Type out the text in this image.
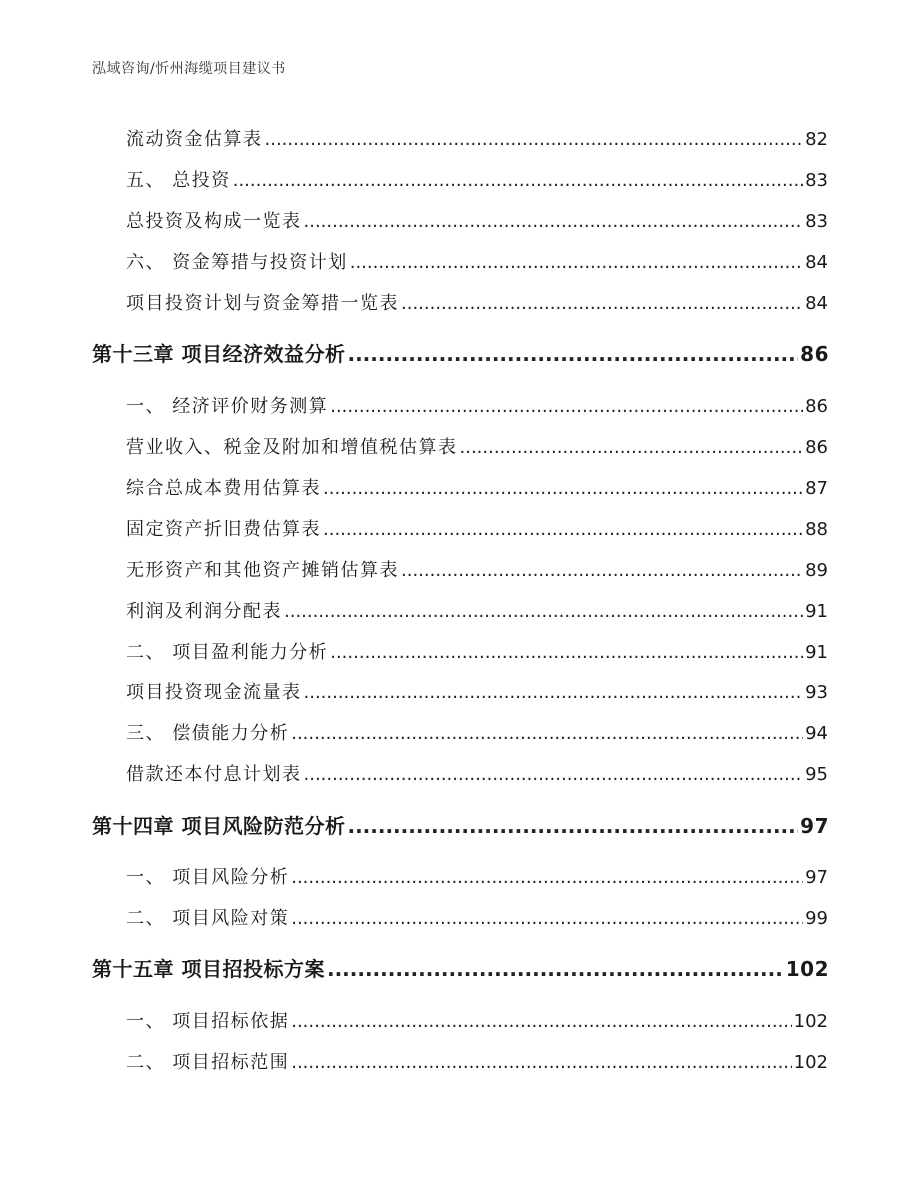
泓域咨询/忻州海缆项目建议书
流动资金估算表 .....	82
五、 总投资 .....	83
总投资及构成一览表 .....	83
六、 资金筹措与投资计划 .....	84
项目投资计划与资金筹措一览表 .....	84
第十三章 项目经济效益分析 .....	86
一、 经济评价财务测算 .....	86
营业收入、税金及附加和增值税估算表 .....	86
综合总成本费用估算表 .....	87
固定资产折旧费估算表 .....	88
无形资产和其他资产摊销估算表 .....	89
利润及利润分配表 .....	91
二、 项目盈利能力分析 .....	91
项目投资现金流量表 .....	93
三、 偿债能力分析 .....	94
借款还本付息计划表 .....	95
第十四章 项目风险防范分析 .....	97
一、 项目风险分析 .....	97
二、 项目风险对策 .....	99
第十五章 项目招投标方案 .....	102
一、 项目招标依据 .....	102
二、 项目招标范围 .....	102
